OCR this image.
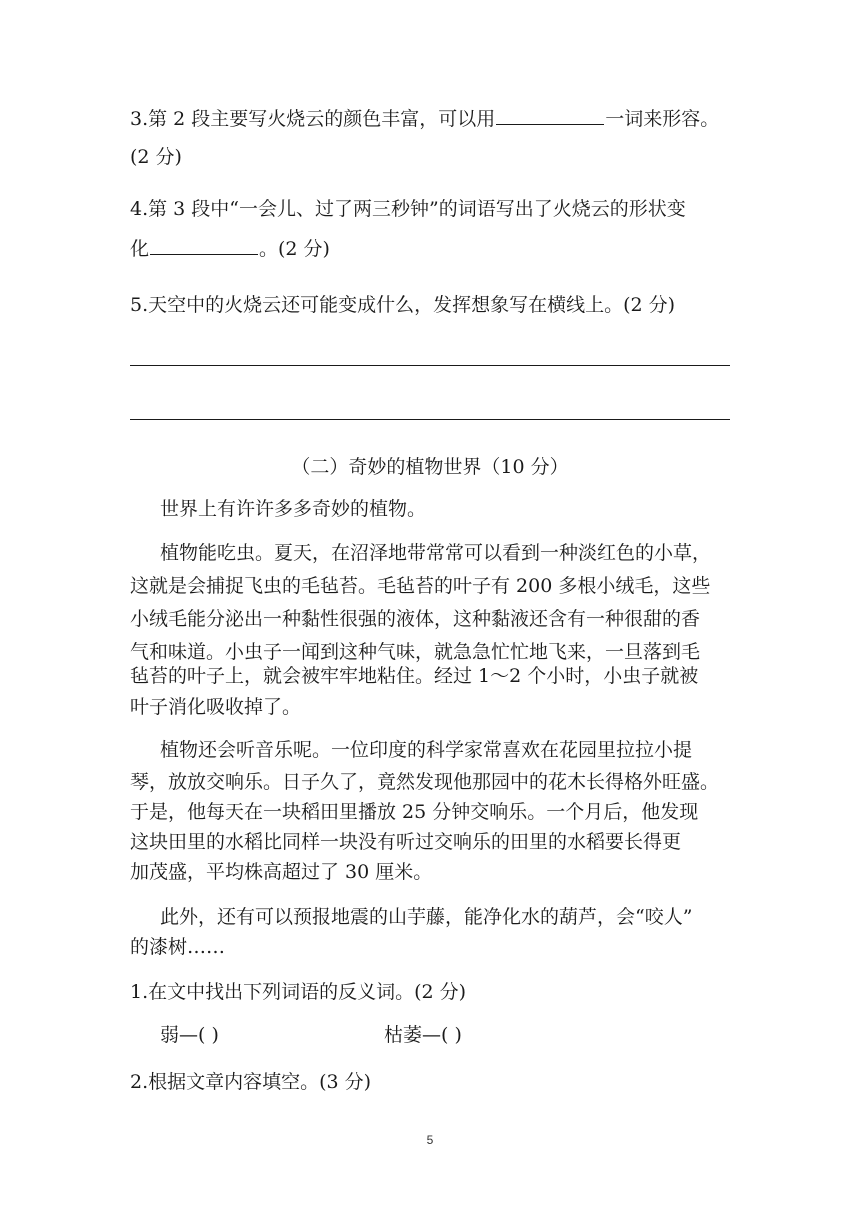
3.第 2 段主要写火烧云的颜色丰富，可以用	一词来形容。
(2 分)
4.第 3 段中“一会儿、过了两三秒钟”的词语写出了火烧云的形状变
化	。(2 分)
5.天空中的火烧云还可能变成什么，发挥想象写在横线上。(2 分)
（二）奇妙的植物世界（10 分）
世界上有许许多多奇妙的植物。
植物能吃虫。夏天，在沼泽地带常常可以看到一种淡红色的小草，
这就是会捕捉飞虫的毛毡苔。毛毡苔的叶子有 200 多根小绒毛，这些
小绒毛能分泌出一种黏性很强的液体，这种黏液还含有一种很甜的香
气和味道。小虫子一闻到这种气味，就急急忙忙地飞来，一旦落到毛
毡苔的叶子上，就会被牢牢地粘住。经过 1～2 个小时，小虫子就被
叶子消化吸收掉了。
植物还会听音乐呢。一位印度的科学家常喜欢在花园里拉拉小提
琴，放放交响乐。日子久了，竟然发现他那园中的花木长得格外旺盛。
于是，他每天在一块稻田里播放 25 分钟交响乐。一个月后，他发现
这块田里的水稻比同样一块没有听过交响乐的田里的水稻要长得更
加茂盛，平均株高超过了 30 厘米。
此外，还有可以预报地震的山芋藤，能净化水的葫芦，会“咬人”
的漆树……
1.在文中找出下列词语的反义词。(2 分)
弱—( )	枯萎—( )
2.根据文章内容填空。(3 分)
5
